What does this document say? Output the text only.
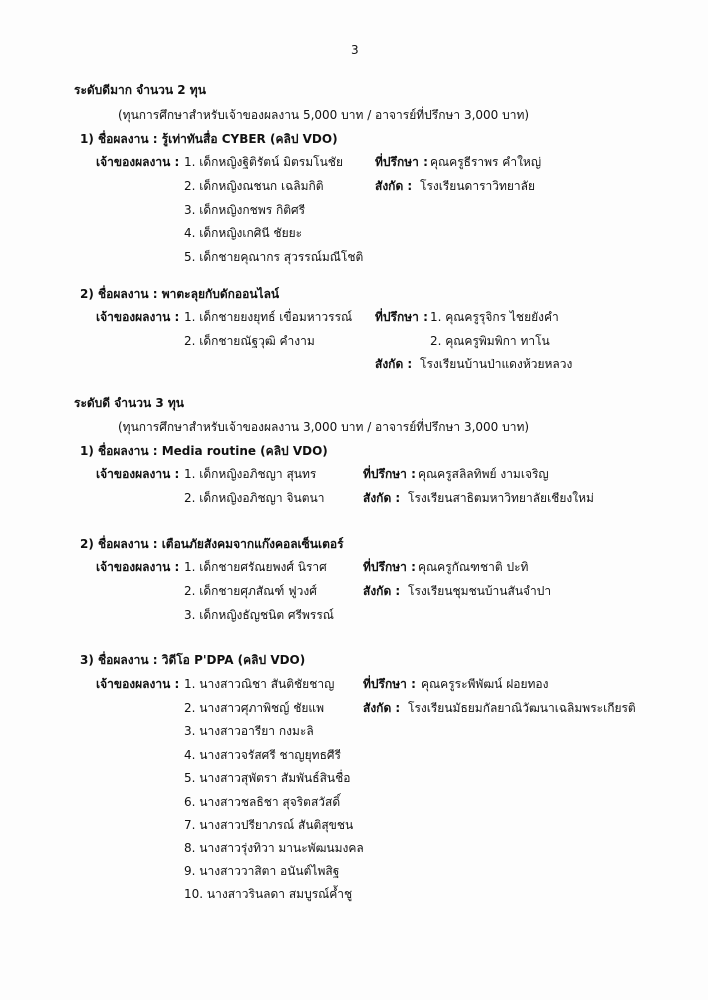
3
ระดับดีมาก จำนวน 2 ทุน
(ทุนการศึกษาสำหรับเจ้าของผลงาน 5,000 บาท / อาจารย์ที่ปรึกษา 3,000 บาท)
1) ชื่อผลงาน : รู้เท่าทันสื่อ CYBER (คลิป VDO)
เจ้าของผลงาน : 1. เด็กหญิงฐิติรัตน์ มิตรมโนชัย
2. เด็กหญิงณชนก เฉลิมกิติ
3. เด็กหญิงกชพร กิติศรี
4. เด็กหญิงเกศินี ชัยยะ
5. เด็กชายคุณากร สุวรรณ์มณีโชติ
ที่ปรึกษา : คุณครูธีราพร คำใหญ่
สังกัด : โรงเรียนดาราวิทยาลัย
2) ชื่อผลงาน : พาตะลุยกับดักออนไลน์
เจ้าของผลงาน : 1. เด็กชายยงยุทธ์ เขื่อมหาวรรณ์
2. เด็กชายณัฐวุฒิ คำงาม
ที่ปรึกษา : 1. คุณครูรุจิกร ไชยยังคำ
2. คุณครูพิมพิกา ทาโน
สังกัด : โรงเรียนบ้านป่าแดงห้วยหลวง
ระดับดี จำนวน 3 ทุน
(ทุนการศึกษาสำหรับเจ้าของผลงาน 3,000 บาท / อาจารย์ที่ปรึกษา 3,000 บาท)
1) ชื่อผลงาน : Media routine (คลิป VDO)
เจ้าของผลงาน : 1. เด็กหญิงอภิชญา สุนทร
2. เด็กหญิงอภิชญา จินตนา
ที่ปรึกษา : คุณครูสลิลทิพย์ งามเจริญ
สังกัด : โรงเรียนสาธิตมหาวิทยาลัยเชียงใหม่
2) ชื่อผลงาน : เตือนภัยสังคมจากแก๊งคอลเซ็นเตอร์
เจ้าของผลงาน : 1. เด็กชายศรัณยพงศ์ นิราศ
2. เด็กชายศุภสัณฑ์ ฟูวงศ์
3. เด็กหญิงธัญชนิต ศรีพรรณ์
ที่ปรึกษา : คุณครูกัณฑชาติ ปะทิ
สังกัด : โรงเรียนชุมชนบ้านสันจำปา
3) ชื่อผลงาน : วิดีโอ P'DPA (คลิป VDO)
เจ้าของผลงาน : 1. นางสาวณิชา สันติชัยชาญ
2. นางสาวศุภาพิชญ์ ชัยแพ
3. นางสาวอารียา กงมะลิ
4. นางสาวจรัสศรี ชาญยุทธศีรี
5. นางสาวสุพัตรา สัมพันธ์สินชื่อ
6. นางสาวชลธิชา สุจริตสวัสดิ์
7. นางสาวปรียาภรณ์ สันติสุขชน
8. นางสาวรุ่งทิวา มานะพัฒนมงคล
9. นางสาววาสิตา อนันต์ไพสิฐ
10. นางสาวรินลดา สมบูรณ์ค้ำชู
ที่ปรึกษา : คุณครูระพีพัฒน์ ฝอยทอง
สังกัด : โรงเรียนมัธยมกัลยาณิวัฒนาเฉลิมพระเกียรติ
